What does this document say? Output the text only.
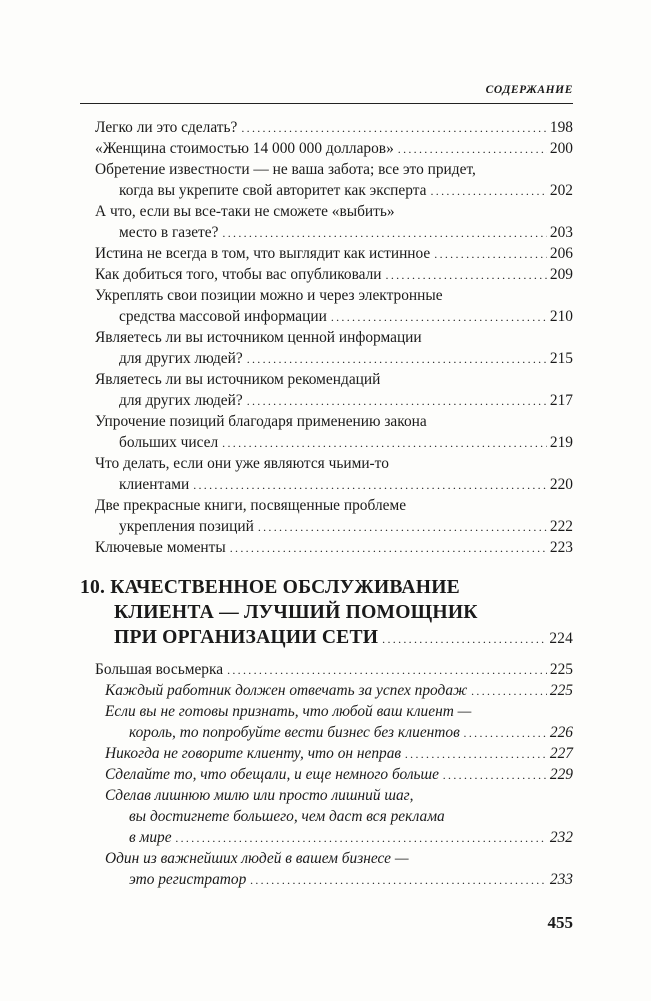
СОДЕРЖАНИЕ
Легко ли это сделать? .....	198
«Женщина стоимостью 14 000 000 долларов» .....	200
Обретение известности — не ваша забота; все это придет,
когда вы укрепите свой авторитет как эксперта .....	202
А что, если вы все-таки не сможете «выбить»
место в газете? .....	203
Истина не всегда в том, что выглядит как истинное .....	206
Как добиться того, чтобы вас опубликовали .....	209
Укреплять свои позиции можно и через электронные
средства массовой информации .....	210
Являетесь ли вы источником ценной информации
для других людей? .....	215
Являетесь ли вы источником рекомендаций
для других людей? .....	217
Упрочение позиций благодаря применению закона
больших чисел .....	219
Что делать, если они уже являются чьими-то
клиентами .....	220
Две прекрасные книги, посвященные проблеме
укрепления позиций .....	222
Ключевые моменты .....	223
10. КАЧЕСТВЕННОЕ ОБСЛУЖИВАНИЕ
КЛИЕНТА — ЛУЧШИЙ ПОМОЩНИК
ПРИ ОРГАНИЗАЦИИ СЕТИ .....	224
Большая восьмерка .....	225
Каждый работник должен отвечать за успех продаж .....	225
Если вы не готовы признать, что любой ваш клиент —
король, то попробуйте вести бизнес без клиентов .....	226
Никогда не говорите клиенту, что он неправ .....	227
Сделайте то, что обещали, и еще немного больше .....	229
Сделав лишнюю милю или просто лишний шаг,
вы достигнете большего, чем даст вся реклама
в мире .....	232
Один из важнейших людей в вашем бизнесе —
это регистратор .....	233
455
